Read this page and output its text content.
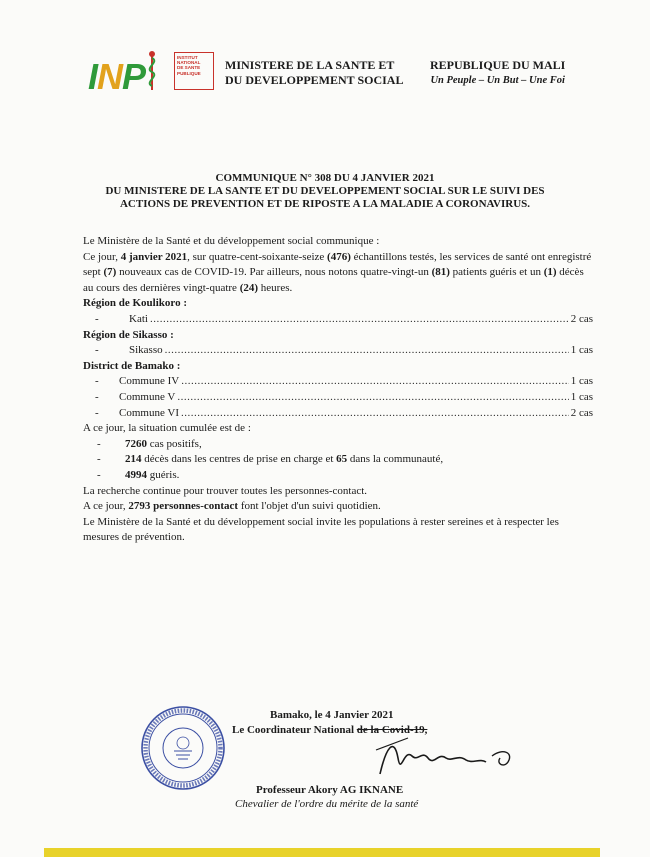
INP	INSTITUT
NATIONAL
DE SANTE
PUBLIQUE
MINISTERE DE LA SANTE ET
DU DEVELOPPEMENT SOCIAL
REPUBLIQUE DU MALI
Un Peuple – Un But – Une Foi
COMMUNIQUE N° 308 DU 4 JANVIER 2021
DU MINISTERE DE LA SANTE ET DU DEVELOPPEMENT SOCIAL SUR LE SUIVI DES
ACTIONS DE PREVENTION ET DE RIPOSTE A LA MALADIE A CORONAVIRUS.

Le Ministère de la Santé et du développement social communique :

Ce jour, 4 janvier 2021, sur quatre-cent-soixante-seize (476) échantillons testés, les services de santé ont enregistré sept (7) nouveaux cas de COVID-19. Par ailleurs, nous notons quatre-vingt-un (81) patients guéris et un (1) décès au cours des dernières vingt-quatre (24) heures.

Région de Koulikoro :

-	Kati .....	2 cas

Région de Sikasso :

-	Sikasso .....	1 cas

District de Bamako :

-	Commune IV .....	1 cas
-	Commune V .....	1 cas
-	Commune VI .....	2 cas

A ce jour, la situation cumulée est de :

-	7260 cas positifs,
-	214 décès dans les centres de prise en charge et 65 dans la communauté,
-	4994 guéris.

La recherche continue pour trouver toutes les personnes-contact.

A ce jour, 2793 personnes-contact font l'objet d'un suivi quotidien.

Le Ministère de la Santé et du développement social invite les populations à rester sereines et à respecter les mesures de prévention.

Bamako, le 4 Janvier 2021
Le Coordinateur National de la Covid-19,
Professeur Akory AG IKNANE
Chevalier de l'ordre du mérite de la santé
